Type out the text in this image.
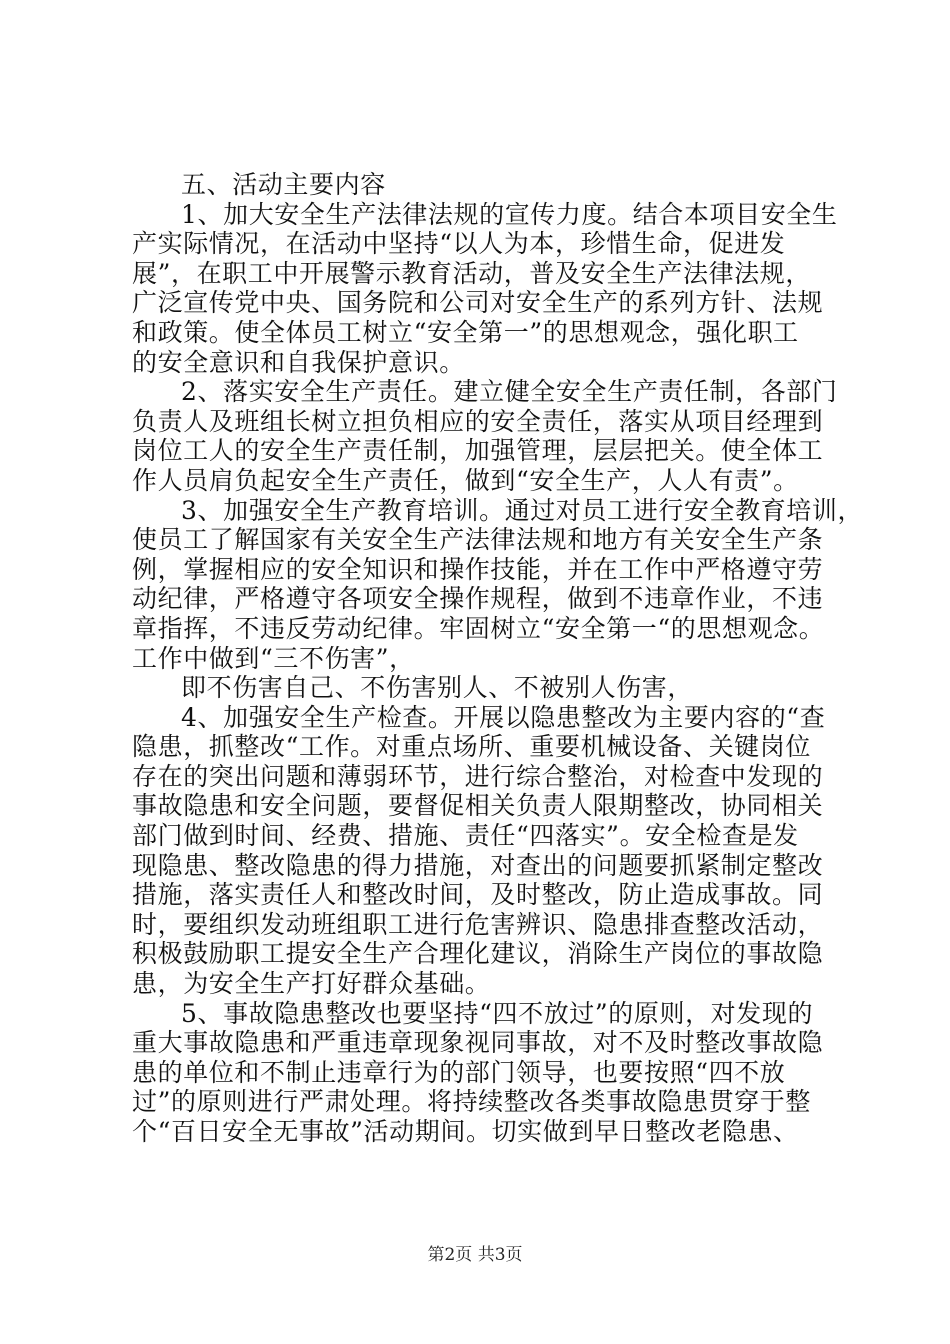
五、活动主要内容
1、加大安全生产法律法规的宣传力度。结合本项目安全生
产实际情况，在活动中坚持“以人为本，珍惜生命，促进发
展”，在职工中开展警示教育活动，普及安全生产法律法规，
广泛宣传党中央、国务院和公司对安全生产的系列方针、法规
和政策。使全体员工树立“安全第一”的思想观念，强化职工
的安全意识和自我保护意识。
2、落实安全生产责任。建立健全安全生产责任制，各部门
负责人及班组长树立担负相应的安全责任，落实从项目经理到
岗位工人的安全生产责任制，加强管理，层层把关。使全体工
作人员肩负起安全生产责任，做到“安全生产，人人有责”。
3、加强安全生产教育培训。通过对员工进行安全教育培训，
使员工了解国家有关安全生产法律法规和地方有关安全生产条
例，掌握相应的安全知识和操作技能，并在工作中严格遵守劳
动纪律，严格遵守各项安全操作规程，做到不违章作业，不违
章指挥，不违反劳动纪律。牢固树立“安全第一“的思想观念。
工作中做到“三不伤害”，
即不伤害自己、不伤害别人、不被别人伤害，
4、加强安全生产检查。开展以隐患整改为主要内容的“查
隐患，抓整改“工作。对重点场所、重要机械设备、关键岗位
存在的突出问题和薄弱环节，进行综合整治，对检查中发现的
事故隐患和安全问题，要督促相关负责人限期整改，协同相关
部门做到时间、经费、措施、责任“四落实”。安全检查是发
现隐患、整改隐患的得力措施，对查出的问题要抓紧制定整改
措施，落实责任人和整改时间，及时整改，防止造成事故。同
时，要组织发动班组职工进行危害辨识、隐患排查整改活动，
积极鼓励职工提安全生产合理化建议，消除生产岗位的事故隐
患，为安全生产打好群众基础。
5、事故隐患整改也要坚持“四不放过”的原则，对发现的
重大事故隐患和严重违章现象视同事故，对不及时整改事故隐
患的单位和不制止违章行为的部门领导，也要按照“四不放
过”的原则进行严肃处理。将持续整改各类事故隐患贯穿于整
个“百日安全无事故”活动期间。切实做到早日整改老隐患、
第2页 共3页
